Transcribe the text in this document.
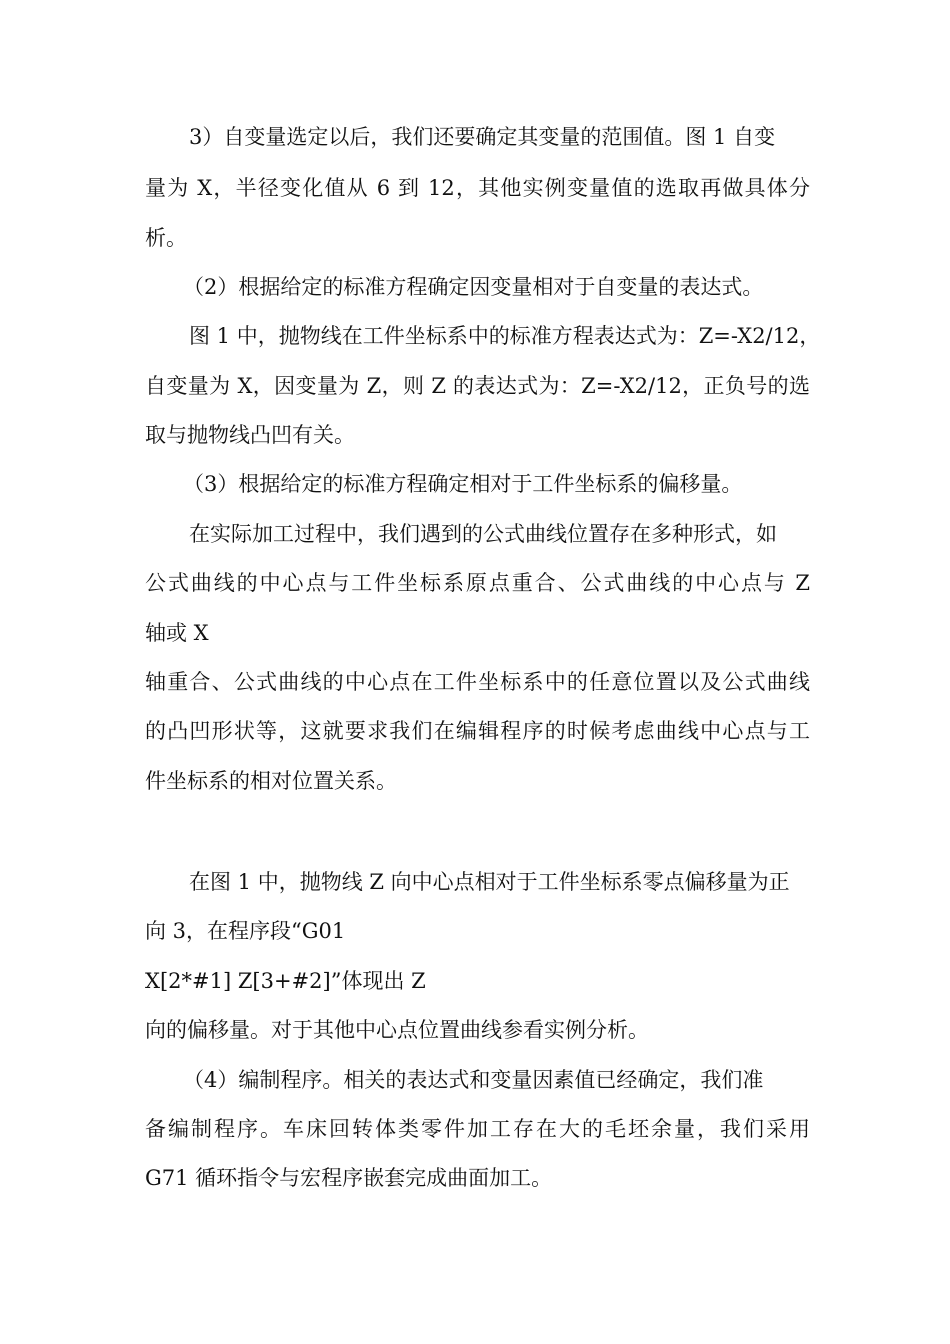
3）自变量选定以后，我们还要确定其变量的范围值。图 1 自变
量为 X，半径变化值从 6 到 12，其他实例变量值的选取再做具体分
析。
（2）根据给定的标准方程确定因变量相对于自变量的表达式。
图 1 中，抛物线在工件坐标系中的标准方程表达式为：Z=-X2/12，
自变量为 X，因变量为 Z，则 Z 的表达式为：Z=-X2/12，正负号的选
取与抛物线凸凹有关。
（3）根据给定的标准方程确定相对于工件坐标系的偏移量。
在实际加工过程中，我们遇到的公式曲线位置存在多种形式，如
公式曲线的中心点与工件坐标系原点重合、公式曲线的中心点与 Z
轴或 X
轴重合、公式曲线的中心点在工件坐标系中的任意位置以及公式曲线
的凸凹形状等，这就要求我们在编辑程序的时候考虑曲线中心点与工
件坐标系的相对位置关系。
在图 1 中，抛物线 Z 向中心点相对于工件坐标系零点偏移量为正
向 3，在程序段“G01
X[2*#1] Z[3+#2]”体现出 Z
向的偏移量。对于其他中心点位置曲线参看实例分析。
（4）编制程序。相关的表达式和变量因素值已经确定，我们准
备编制程序。车床回转体类零件加工存在大的毛坯余量，我们采用
G71 循环指令与宏程序嵌套完成曲面加工。
